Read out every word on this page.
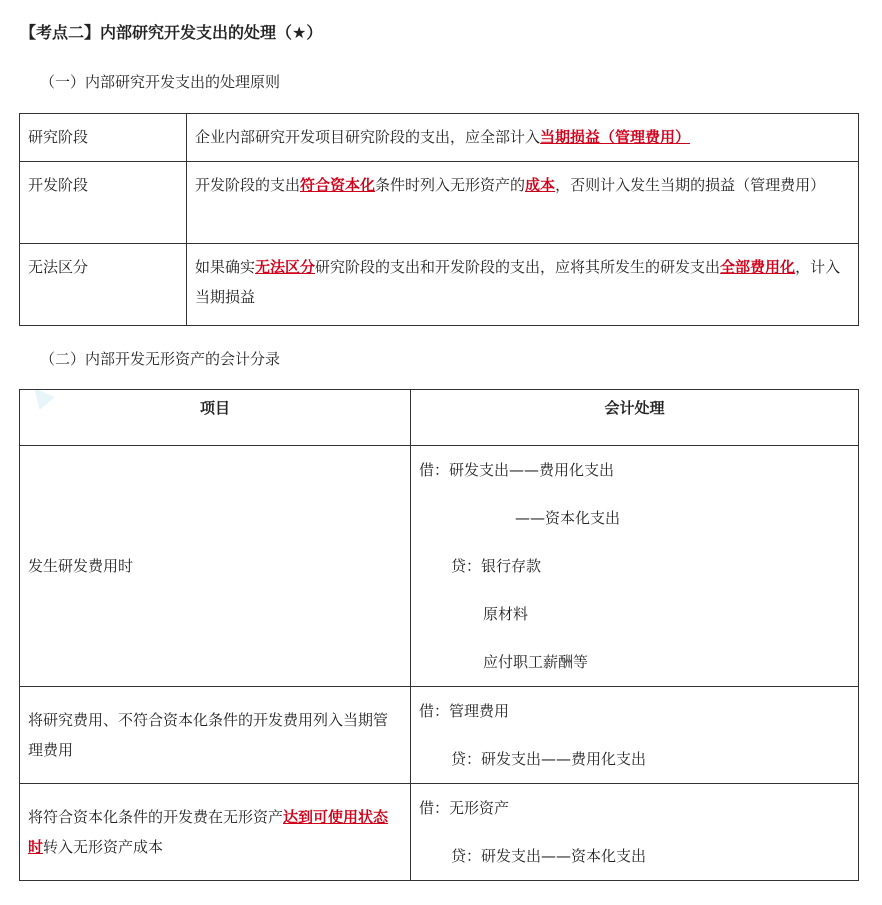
▲
【考点二】内部研究开发支出的处理（★）
（一）内部研究开发支出的处理原则
研究阶段	企业内部研究开发项目研究阶段的支出，应全部计入当期损益（管理费用）
开发阶段	开发阶段的支出符合资本化条件时列入无形资产的成本，否则计入发生当期的损益（管理费用）
无法区分	如果确实无法区分研究阶段的支出和开发阶段的支出，应将其所发生的研发支出全部费用化，计入当期损益
（二）内部开发无形资产的会计分录
项目	会计处理
发生研发费用时	借：研发支出——费用化支出
——资本化支出
贷：银行存款
原材料
应付职工薪酬等

将研究费用、不符合资本化条件的开发费用列入当期管理费用	借：管理费用
贷：研发支出——费用化支出

将符合资本化条件的开发费在无形资产达到可使用状态时转入无形资产成本	借：无形资产
贷：研发支出——资本化支出
